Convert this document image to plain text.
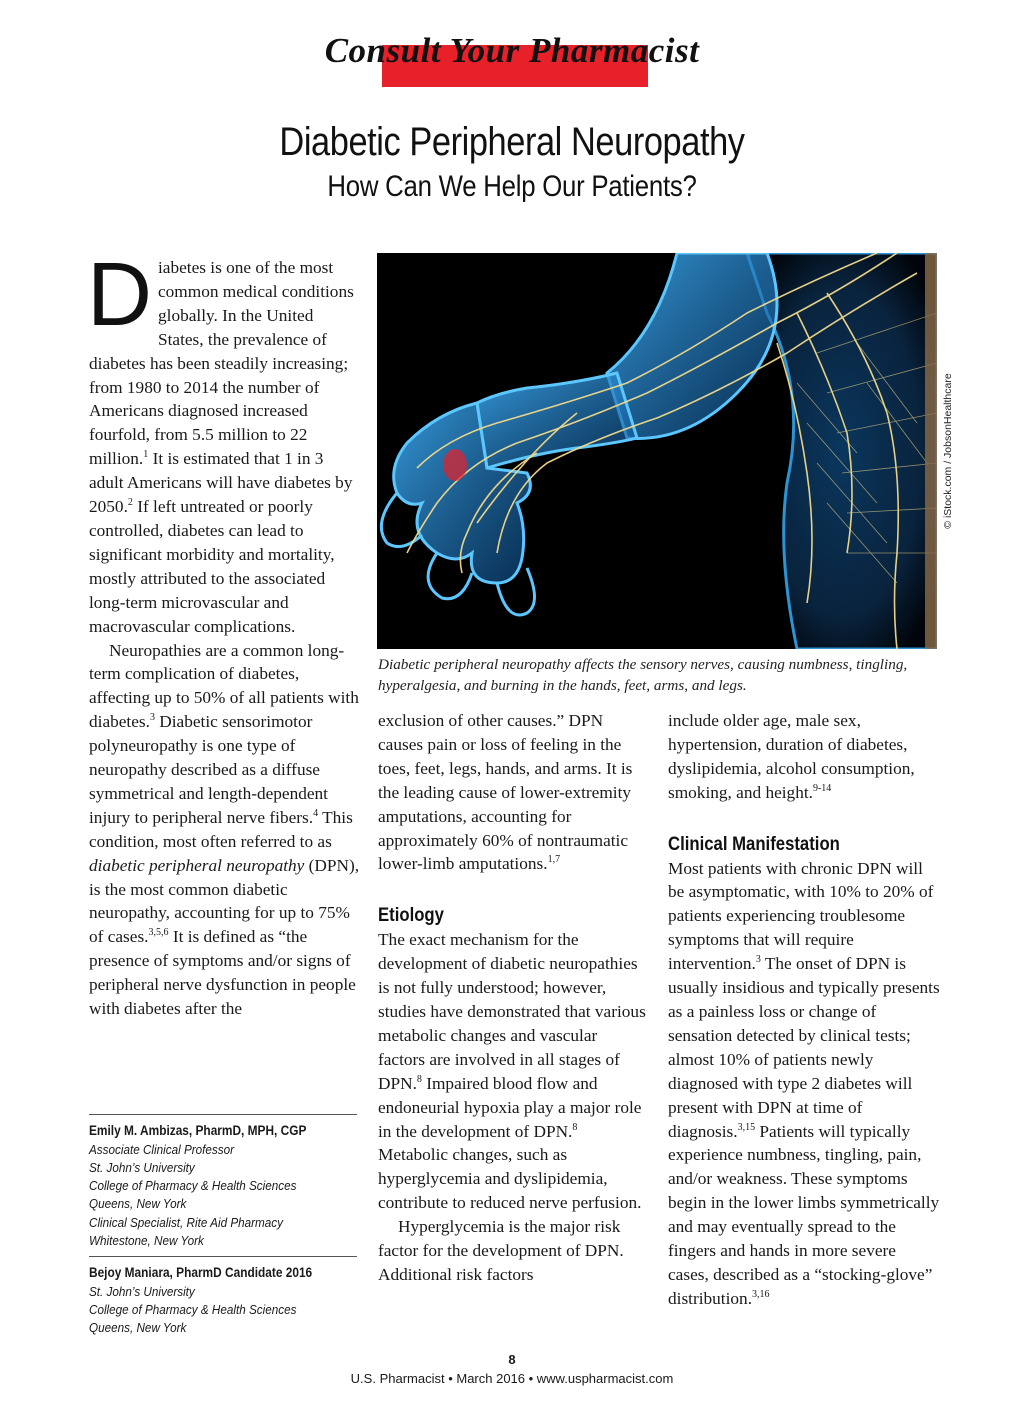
Consult Your Pharmacist
Diabetic Peripheral Neuropathy
How Can We Help Our Patients?

Diabetes is one of the most common medical conditions globally. In the United States, the prevalence of diabetes has been steadily increasing; from 1980 to 2014 the number of Americans diagnosed increased fourfold, from 5.5 million to 22 million.$^1$ It is estimated that 1 in 3 adult Americans will have diabetes by 2050.$^2$ If left untreated or poorly controlled, diabetes can lead to significant morbidity and mortality, mostly attributed to the associated long-term microvascular and macrovascular complications.

Neuropathies are a common long-term complication of diabetes, affecting up to 50% of all patients with diabetes.$^3$ Diabetic sensorimotor polyneuropathy is one type of neuropathy described as a diffuse symmetrical and length-dependent injury to peripheral nerve fibers.$^4$ This condition, most often referred to as diabetic peripheral neuropathy (DPN), is the most common diabetic neuropathy, accounting for up to 75% of cases.$^{3,5,6}$ It is defined as “the presence of symptoms and/or signs of peripheral nerve dysfunction in people with diabetes after the

© iStock.com / JobsonHealthcare
Diabetic peripheral neuropathy affects the sensory nerves, causing numbness, tingling, hyperalgesia, and burning in the hands, feet, arms, and legs.

exclusion of other causes.” DPN causes pain or loss of feeling in the toes, feet, legs, hands, and arms. It is the leading cause of lower-extremity amputations, accounting for approximately 60% of nontraumatic lower-limb amputations.$^{1,7}$

Etiology

The exact mechanism for the development of diabetic neuropathies is not fully understood; however, studies have demonstrated that various metabolic changes and vascular factors are involved in all stages of DPN.$^8$ Impaired blood flow and endoneurial hypoxia play a major role in the development of DPN.$^8$ Metabolic changes, such as hyperglycemia and dyslipidemia, contribute to reduced nerve perfusion.

Hyperglycemia is the major risk factor for the development of DPN. Additional risk factors

include older age, male sex, hypertension, duration of diabetes, dyslipidemia, alcohol consumption, smoking, and height.$^{9-14}$

Clinical Manifestation

Most patients with chronic DPN will be asymptomatic, with 10% to 20% of patients experiencing troublesome symptoms that will require intervention.$^3$ The onset of DPN is usually insidious and typically presents as a painless loss or change of sensation detected by clinical tests; almost 10% of patients newly diagnosed with type 2 diabetes will present with DPN at time of diagnosis.$^{3,15}$ Patients will typically experience numbness, tingling, pain, and/or weakness. These symptoms begin in the lower limbs symmetrically and may eventually spread to the fingers and hands in more severe cases, described as a “stocking-glove” distribution.$^{3,16}$

Emily M. Ambizas, PharmD, MPH, CGP
Associate Clinical Professor
St. John’s University
College of Pharmacy & Health Sciences
Queens, New York
Clinical Specialist, Rite Aid Pharmacy
Whitestone, New York
Bejoy Maniara, PharmD Candidate 2016
St. John’s University
College of Pharmacy & Health Sciences
Queens, New York
8
U.S. Pharmacist • March 2016 • www.uspharmacist.com
